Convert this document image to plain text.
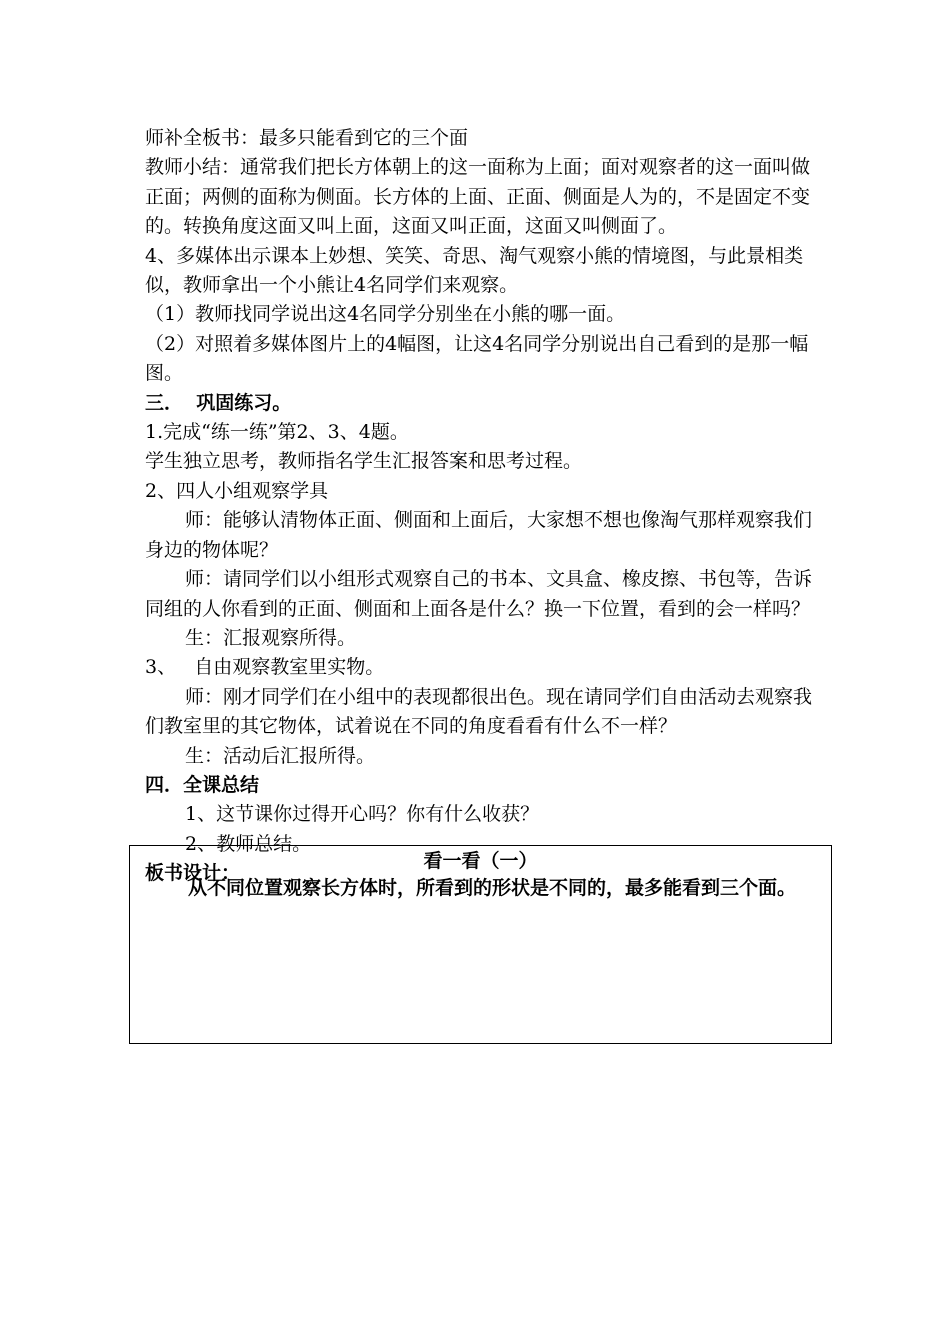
师补全板书：最多只能看到它的三个面

教师小结：通常我们把长方体朝上的这一面称为上面；面对观察者的这一面叫做正面；两侧的面称为侧面。长方体的上面、正面、侧面是人为的，不是固定不变的。转换角度这面又叫上面，这面又叫正面，这面又叫侧面了。

4、多媒体出示课本上妙想、笑笑、奇思、淘气观察小熊的情境图，与此景相类似，教师拿出一个小熊让4名同学们来观察。

（1）教师找同学说出这4名同学分别坐在小熊的哪一面。

（2）对照着多媒体图片上的4幅图，让这4名同学分别说出自己看到的是那一幅图。

三．  巩固练习。

1.完成“练一练”第2、3、4题。

学生独立思考，教师指名学生汇报答案和思考过程。

2、四人小组观察学具

师：能够认清物体正面、侧面和上面后，大家想不想也像淘气那样观察我们身边的物体呢？

师：请同学们以小组形式观察自己的书本、文具盒、橡皮擦、书包等，告诉同组的人你看到的正面、侧面和上面各是什么？换一下位置，看到的会一样吗？

生：汇报观察所得。

3、   自由观察教室里实物。

师：刚才同学们在小组中的表现都很出色。现在请同学们自由活动去观察我们教室里的其它物体，试着说在不同的角度看看有什么不一样？

生：活动后汇报所得。

四．全课总结

1、这节课你过得开心吗？你有什么收获？

2、教师总结。

板书设计：

看一看（一）
从不同位置观察长方体时，所看到的形状是不同的，最多能看到三个面。
